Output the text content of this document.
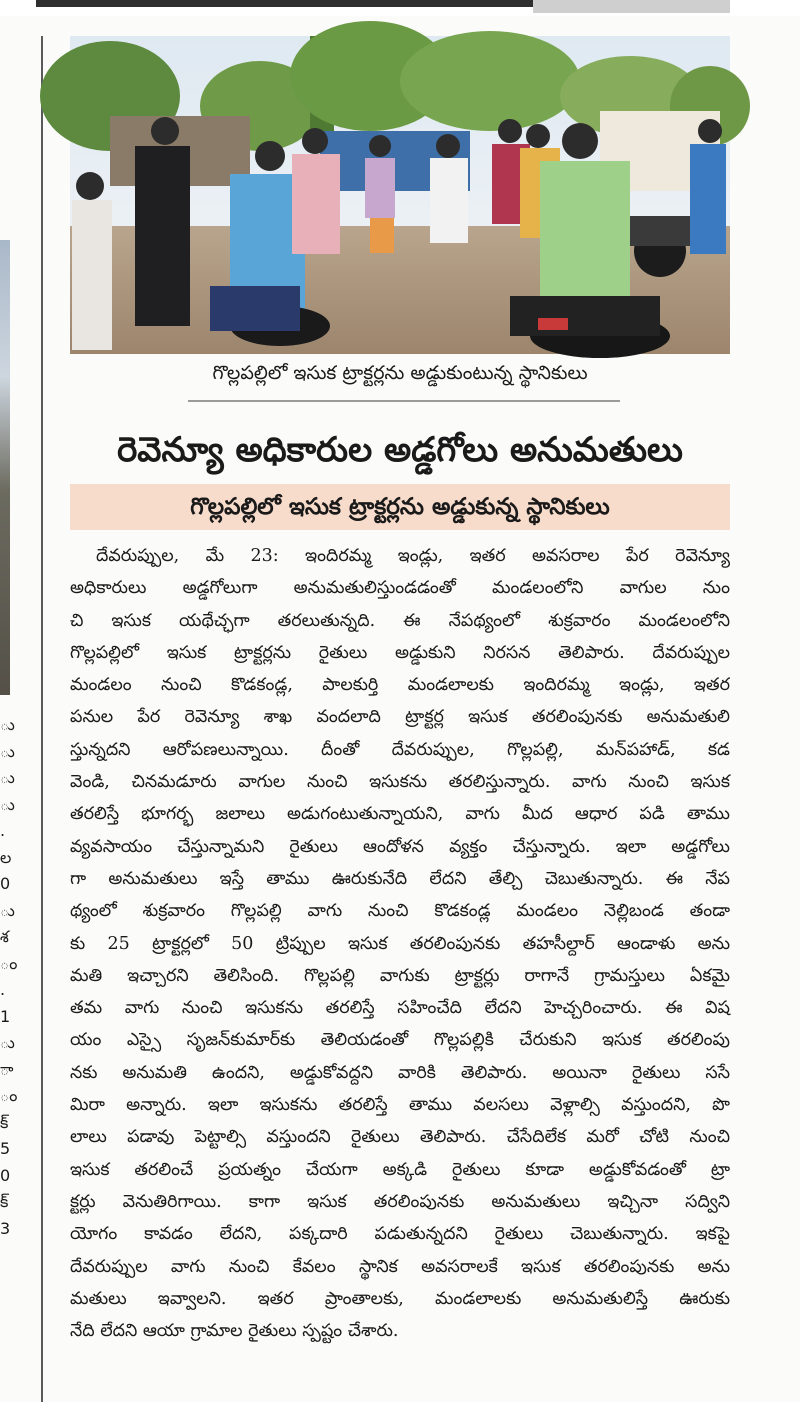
ు
ు
ు
ు
.
ల
0
ు
శ
ం
.
1
ు
ా
ం
క్
5
0
క్
3
గొల్లపల్లిలో ఇసుక ట్రాక్టర్లను అడ్డుకుంటున్న స్థానికులు
రెవెన్యూ అధికారుల అడ్డగోలు అనుమతులు
గొల్లపల్లిలో ఇసుక ట్రాక్టర్లను అడ్డుకున్న స్థానికులు
దేవరుప్పుల, మే 23: ఇందిరమ్మ ఇండ్లు, ఇతర అవసరాల పేర రెవెన్యూ
అధికారులు అడ్డగోలుగా అనుమతులిస్తుండడంతో మండలంలోని వాగుల నుం
చి ఇసుక యథేచ్ఛగా తరలుతున్నది. ఈ నేపథ్యంలో శుక్రవారం మండలంలోని
గొల్లపల్లిలో ఇసుక ట్రాక్టర్లను రైతులు అడ్డుకుని నిరసన తెలిపారు. దేవరుప్పుల
మండలం నుంచి కొడకండ్ల, పాలకుర్తి మండలాలకు ఇందిరమ్మ ఇండ్లు, ఇతర
పనుల పేర రెవెన్యూ శాఖ వందలాది ట్రాక్టర్ల ఇసుక తరలింపునకు అనుమతులి
స్తున్నదని ఆరోపణలున్నాయి. దీంతో దేవరుప్పుల, గొల్లపల్లి, మన్‌పహాడ్, కడ
వెండి, చినమడూరు వాగుల నుంచి ఇసుకను తరలిస్తున్నారు. వాగు నుంచి ఇసుక
తరలిస్తే భూగర్భ జలాలు అడుగంటుతున్నాయని, వాగు మీద ఆధార పడి తాము
వ్యవసాయం చేస్తున్నామని రైతులు ఆందోళన వ్యక్తం చేస్తున్నారు. ఇలా అడ్డగోలు
గా అనుమతులు ఇస్తే తాము ఊరుకునేది లేదని తేల్చి చెబుతున్నారు. ఈ నేప
థ్యంలో శుక్రవారం గొల్లపల్లి వాగు నుంచి కొడకండ్ల మండలం నెల్లిబండ తండా
కు 25 ట్రాక్టర్లలో 50 ట్రిప్పుల ఇసుక తరలింపునకు తహసీల్దార్ ఆండాళు అను
మతి ఇచ్చారని తెలిసింది. గొల్లపల్లి వాగుకు ట్రాక్టర్లు రాగానే గ్రామస్తులు ఏకమై
తమ వాగు నుంచి ఇసుకను తరలిస్తే సహించేది లేదని హెచ్చరించారు. ఈ విష
యం ఎస్సై సృజన్‌కుమార్‌కు తెలియడంతో గొల్లపల్లికి చేరుకుని ఇసుక తరలింపు
నకు అనుమతి ఉందని, అడ్డుకోవద్దని వారికి తెలిపారు. అయినా రైతులు ససే
మిరా అన్నారు. ఇలా ఇసుకను తరలిస్తే తాము వలసలు వెళ్లాల్సి వస్తుందని, పొ
లాలు పడావు పెట్టాల్సి వస్తుందని రైతులు తెలిపారు. చేసేదిలేక మరో చోటి నుంచి
ఇసుక తరలించే ప్రయత్నం చేయగా అక్కడి రైతులు కూడా అడ్డుకోవడంతో ట్రా
క్టర్లు వెనుతిరిగాయి. కాగా ఇసుక తరలింపునకు అనుమతులు ఇచ్చినా సద్విని
యోగం కావడం లేదని, పక్కదారి పడుతున్నదని రైతులు చెబుతున్నారు. ఇకపై
దేవరుప్పుల వాగు నుంచి కేవలం స్థానిక అవసరాలకే ఇసుక తరలింపునకు అను
మతులు ఇవ్వాలని. ఇతర ప్రాంతాలకు, మండలాలకు అనుమతులిస్తే ఊరుకు
నేది లేదని ఆయా గ్రామాల రైతులు స్పష్టం చేశారు.
